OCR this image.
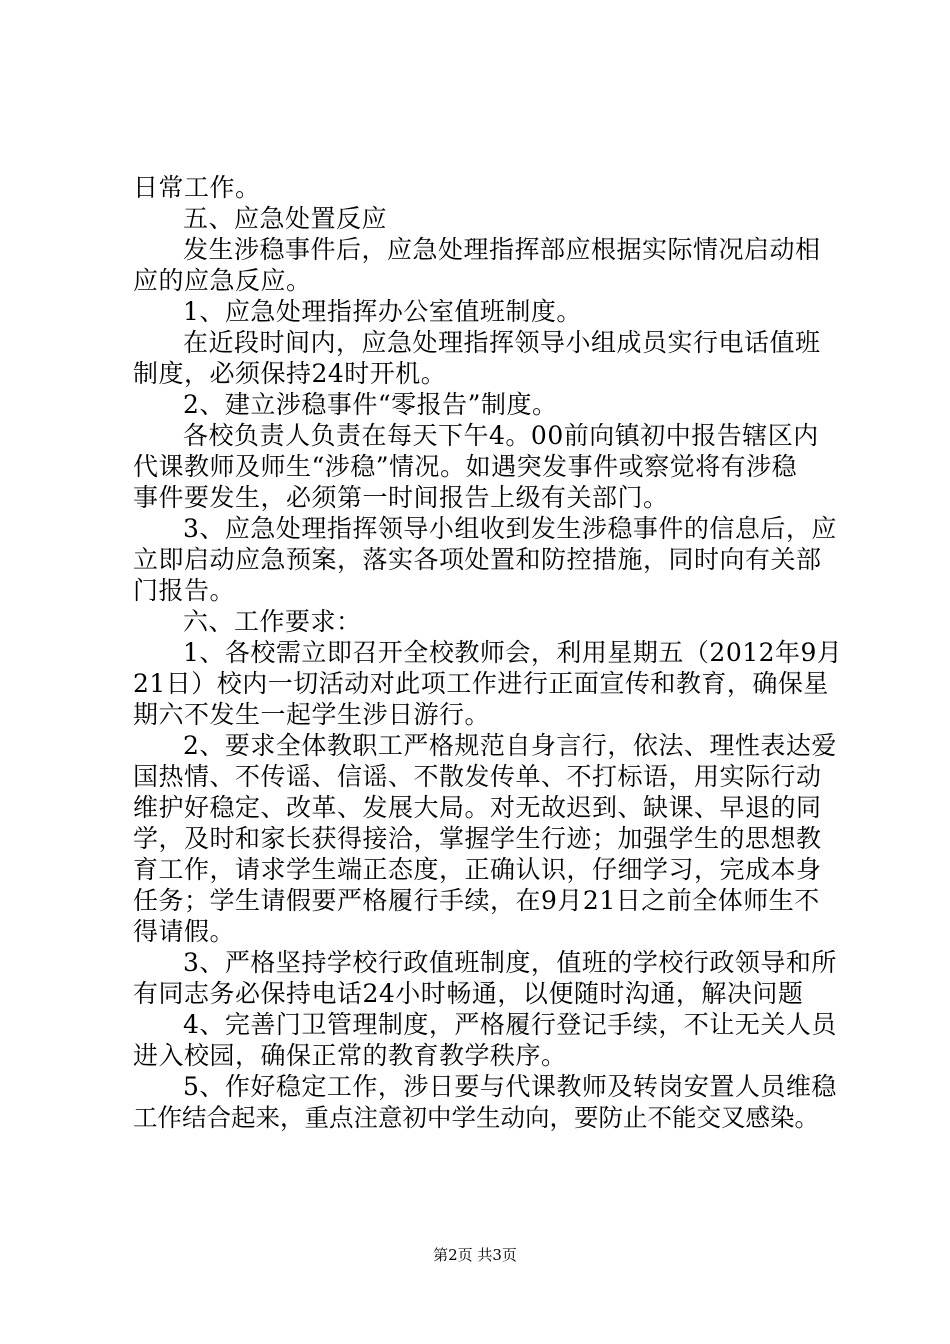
日常工作。
五、应急处置反应
发生涉稳事件后，应急处理指挥部应根据实际情况启动相
应的应急反应。
1、应急处理指挥办公室值班制度。
在近段时间内，应急处理指挥领导小组成员实行电话值班
制度，必须保持24时开机。
2、建立涉稳事件“零报告”制度。
各校负责人负责在每天下午4。00前向镇初中报告辖区内
代课教师及师生“涉稳”情况。如遇突发事件或察觉将有涉稳
事件要发生，必须第一时间报告上级有关部门。
3、应急处理指挥领导小组收到发生涉稳事件的信息后，应
立即启动应急预案，落实各项处置和防控措施，同时向有关部
门报告。
六、工作要求：
1、各校需立即召开全校教师会，利用星期五（2012年9月
21日）校内一切活动对此项工作进行正面宣传和教育，确保星
期六不发生一起学生涉日游行。
2、要求全体教职工严格规范自身言行，依法、理性表达爱
国热情、不传谣、信谣、不散发传单、不打标语，用实际行动
维护好稳定、改革、发展大局。对无故迟到、缺课、早退的同
学，及时和家长获得接洽，掌握学生行迹；加强学生的思想教
育工作，请求学生端正态度，正确认识，仔细学习，完成本身
任务；学生请假要严格履行手续，在9月21日之前全体师生不
得请假。
3、严格坚持学校行政值班制度，值班的学校行政领导和所
有同志务必保持电话24小时畅通，以便随时沟通，解决问题
4、完善门卫管理制度，严格履行登记手续，不让无关人员
进入校园，确保正常的教育教学秩序。
5、作好稳定工作，涉日要与代课教师及转岗安置人员维稳
工作结合起来，重点注意初中学生动向，要防止不能交叉感染。
第2页 共3页
